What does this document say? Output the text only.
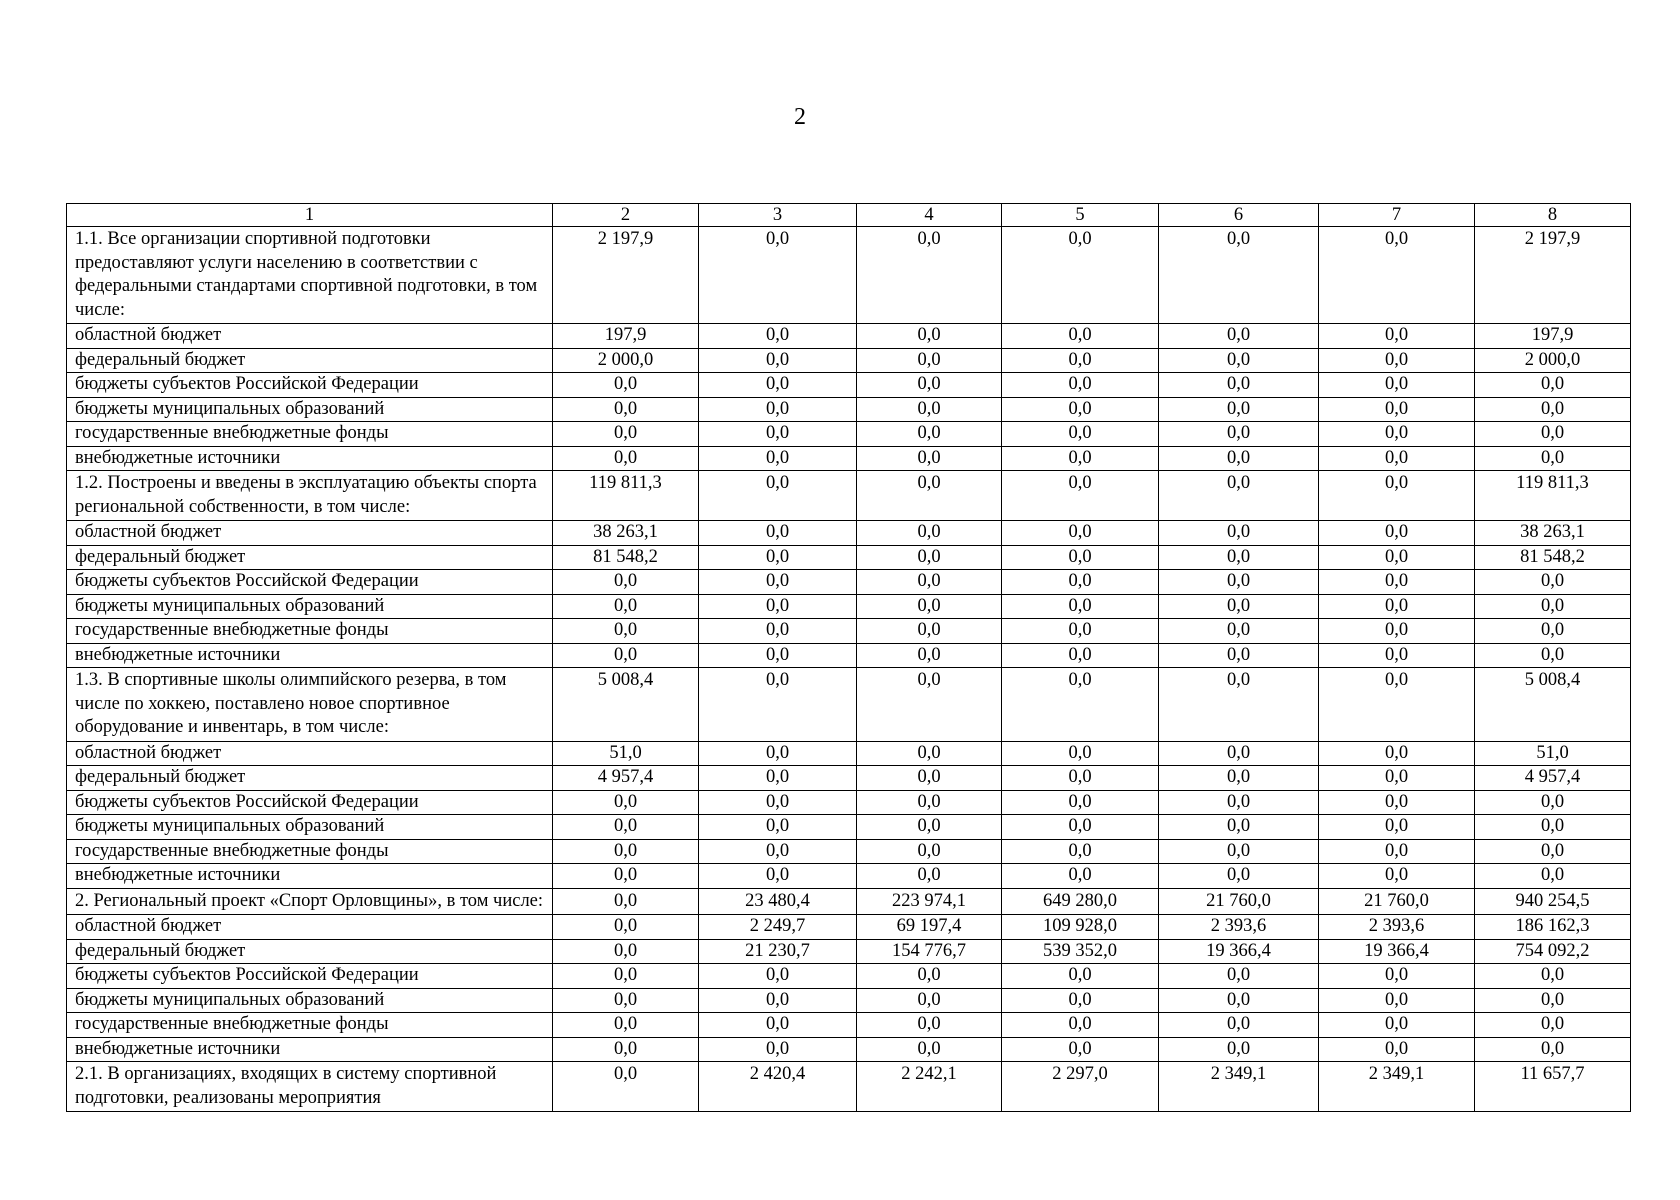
2
1	2	3	4	5	6	7	8
1.1. Все организации спортивной подготовки предоставляют услуги населению в соответствии с федеральными стандартами спортивной подготовки, в том числе:	2 197,9	0,0	0,0	0,0	0,0	0,0	2 197,9
областной бюджет	197,9	0,0	0,0	0,0	0,0	0,0	197,9
федеральный бюджет	2 000,0	0,0	0,0	0,0	0,0	0,0	2 000,0
бюджеты субъектов Российской Федерации	0,0	0,0	0,0	0,0	0,0	0,0	0,0
бюджеты муниципальных образований	0,0	0,0	0,0	0,0	0,0	0,0	0,0
государственные внебюджетные фонды	0,0	0,0	0,0	0,0	0,0	0,0	0,0
внебюджетные источники	0,0	0,0	0,0	0,0	0,0	0,0	0,0
1.2. Построены и введены в эксплуатацию объекты спорта региональной собственности, в том числе:	119 811,3	0,0	0,0	0,0	0,0	0,0	119 811,3
областной бюджет	38 263,1	0,0	0,0	0,0	0,0	0,0	38 263,1
федеральный бюджет	81 548,2	0,0	0,0	0,0	0,0	0,0	81 548,2
бюджеты субъектов Российской Федерации	0,0	0,0	0,0	0,0	0,0	0,0	0,0
бюджеты муниципальных образований	0,0	0,0	0,0	0,0	0,0	0,0	0,0
государственные внебюджетные фонды	0,0	0,0	0,0	0,0	0,0	0,0	0,0
внебюджетные источники	0,0	0,0	0,0	0,0	0,0	0,0	0,0
1.3. В спортивные школы олимпийского резерва, в том числе по хоккею, поставлено новое спортивное оборудование и инвентарь, в том числе:	5 008,4	0,0	0,0	0,0	0,0	0,0	5 008,4
областной бюджет	51,0	0,0	0,0	0,0	0,0	0,0	51,0
федеральный бюджет	4 957,4	0,0	0,0	0,0	0,0	0,0	4 957,4
бюджеты субъектов Российской Федерации	0,0	0,0	0,0	0,0	0,0	0,0	0,0
бюджеты муниципальных образований	0,0	0,0	0,0	0,0	0,0	0,0	0,0
государственные внебюджетные фонды	0,0	0,0	0,0	0,0	0,0	0,0	0,0
внебюджетные источники	0,0	0,0	0,0	0,0	0,0	0,0	0,0
2. Региональный проект «Спорт Орловщины», в том числе:	0,0	23 480,4	223 974,1	649 280,0	21 760,0	21 760,0	940 254,5
областной бюджет	0,0	2 249,7	69 197,4	109 928,0	2 393,6	2 393,6	186 162,3
федеральный бюджет	0,0	21 230,7	154 776,7	539 352,0	19 366,4	19 366,4	754 092,2
бюджеты субъектов Российской Федерации	0,0	0,0	0,0	0,0	0,0	0,0	0,0
бюджеты муниципальных образований	0,0	0,0	0,0	0,0	0,0	0,0	0,0
государственные внебюджетные фонды	0,0	0,0	0,0	0,0	0,0	0,0	0,0
внебюджетные источники	0,0	0,0	0,0	0,0	0,0	0,0	0,0
2.1. В организациях, входящих в систему спортивной подготовки, реализованы мероприятия	0,0	2 420,4	2 242,1	2 297,0	2 349,1	2 349,1	11 657,7
